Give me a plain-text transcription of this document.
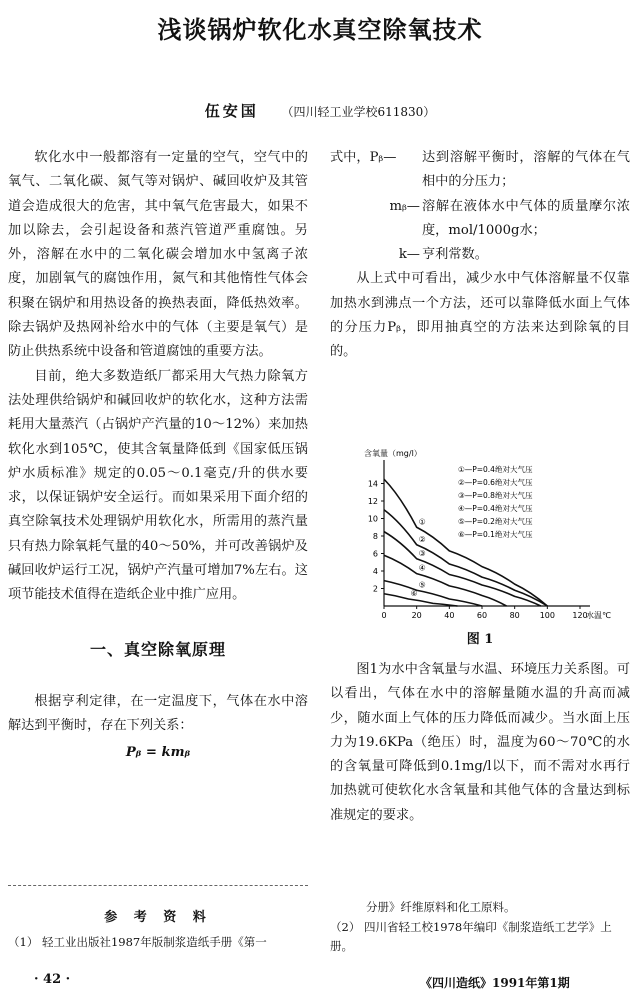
浅谈锅炉软化水真空除氧技术
伍安国 （四川轻工业学校611830）

软化水中一般都溶有一定量的空气，空气中的氧气、二氧化碳、氮气等对锅炉、碱回收炉及其管道会造成很大的危害，其中氧气危害最大，如果不加以除去，会引起设备和蒸汽管道严重腐蚀。另外，溶解在水中的二氧化碳会增加水中氢离子浓度，加剧氧气的腐蚀作用，氮气和其他惰性气体会积聚在锅炉和用热设备的换热表面，降低热效率。除去锅炉及热网补给水中的气体（主要是氧气）是防止供热系统中设备和管道腐蚀的重要方法。

目前，绝大多数造纸厂都采用大气热力除氧方法处理供给锅炉和碱回收炉的软化水，这种方法需耗用大量蒸汽（占锅炉产汽量的10～12%）来加热软化水到105℃，使其含氧量降低到《国家低压锅炉水质标准》规定的0.05～0.1毫克/升的供水要求，以保证锅炉安全运行。而如果采用下面介绍的真空除氧技术处理锅炉用软化水，所需用的蒸汽量只有热力除氧耗气量的40～50%，并可改善锅炉及碱回收炉运行工况，锅炉产汽量可增加7%左右。这项节能技术值得在造纸企业中推广应用。

一、真空除氧原理

根据亨利定律，在一定温度下，气体在水中溶解达到平衡时，存在下列关系：

Pᵦ = kmᵦ
式中，Pᵦ—	达到溶解平衡时，溶解的气体在气相中的分压力；
mᵦ— 溶解在液体水中气体的质量摩尔浓度，mol/1000g水；
k— 亨利常数。

从上式中可看出，减少水中气体溶解量不仅靠加热水到沸点一个方法，还可以靠降低水面上气体的分压力Pᵦ，即用抽真空的方法来达到除氧的目的。

含氧量（mg/l）
水温℃
2
4
6
8
10
12
14
0	20	40	60	80 100 120
①
②
③
④
⑤
⑥
①—P=0.4绝对大气压
②—P=0.6绝对大气压
③—P=0.8绝对大气压
④—P=0.4绝对大气压
⑤—P=0.2绝对大气压
⑥—P=0.1绝对大气压
图 1

图1为水中含氧量与水温、环境压力关系图。可以看出，气体在水中的溶解量随水温的升高而减少，随水面上气体的压力降低而减少。当水面上压力为19.6KPa（绝压）时，温度为60～70℃的水的含氧量可降低到0.1mg/l以下，而不需对水再行加热就可使软化水含氧量和其他气体的含量达到标准规定的要求。

参 考 资 料
（1） 轻工业出版社1987年版制浆造纸手册《第一
分册》纤维原料和化工原料。
（2） 四川省轻工校1978年编印《制浆造纸工艺学》上册。
· 42 ·	《四川造纸》1991年第1期
